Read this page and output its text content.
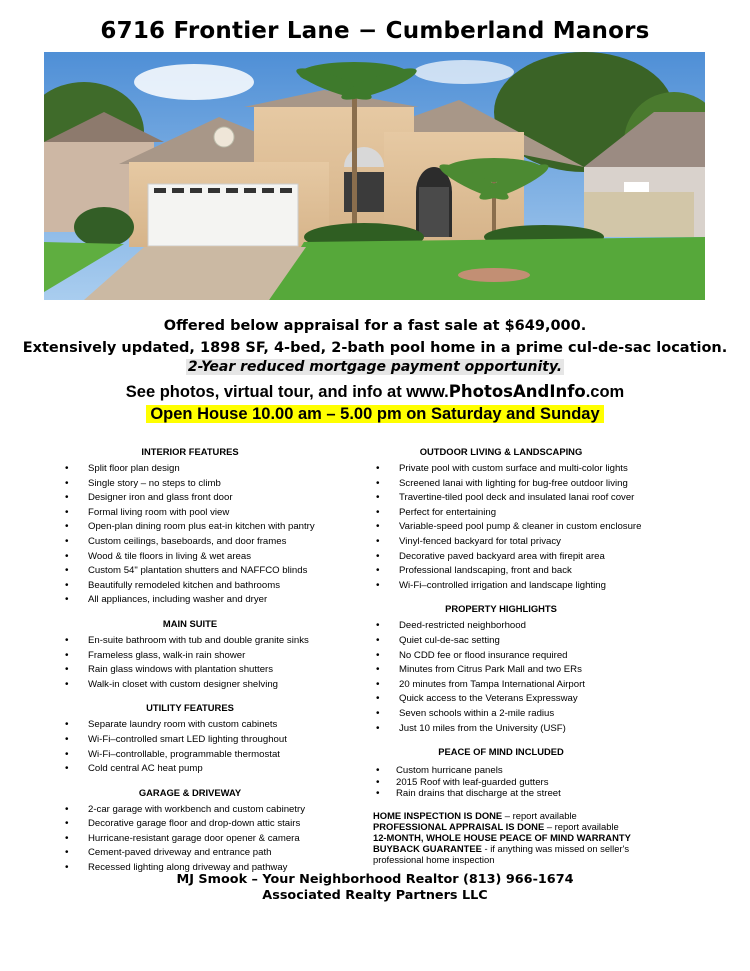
6716 Frontier Lane − Cumberland Manors
Offered below appraisal for a fast sale at $649,000.
Extensively updated, 1898 SF, 4-bed, 2-bath pool home in a prime cul-de-sac location.
2-Year reduced mortgage payment opportunity.
See photos, virtual tour, and info at www.PhotosAndInfo.com
Open House 10.00 am – 5.00 pm on Saturday and Sunday
INTERIOR FEATURES
• Split floor plan design
• Single story – no steps to climb
• Designer iron and glass front door
• Formal living room with pool view
• Open-plan dining room plus eat-in kitchen with pantry
• Custom ceilings, baseboards, and door frames
• Wood & tile floors in living & wet areas
• Custom 54" plantation shutters and NAFFCO blinds
• Beautifully remodeled kitchen and bathrooms
• All appliances, including washer and dryer
MAIN SUITE
• En-suite bathroom with tub and double granite sinks
• Frameless glass, walk-in rain shower
• Rain glass windows with plantation shutters
• Walk-in closet with custom designer shelving
UTILITY FEATURES
• Separate laundry room with custom cabinets
• Wi-Fi–controlled smart LED lighting throughout
• Wi-Fi–controllable, programmable thermostat
• Cold central AC heat pump
GARAGE & DRIVEWAY
• 2-car garage with workbench and custom cabinetry
• Decorative garage floor and drop-down attic stairs
• Hurricane-resistant garage door opener & camera
• Cement-paved driveway and entrance path
• Recessed lighting along driveway and pathway
OUTDOOR LIVING & LANDSCAPING
• Private pool with custom surface and multi-color lights
• Screened lanai with lighting for bug-free outdoor living
• Travertine-tiled pool deck and insulated lanai roof cover
• Perfect for entertaining
• Variable-speed pool pump & cleaner in custom enclosure
• Vinyl-fenced backyard for total privacy
• Decorative paved backyard area with firepit area
• Professional landscaping, front and back
• Wi-Fi–controlled irrigation and landscape lighting
PROPERTY HIGHLIGHTS
• Deed-restricted neighborhood
• Quiet cul-de-sac setting
• No CDD fee or flood insurance required
• Minutes from Citrus Park Mall and two ERs
• 20 minutes from Tampa International Airport
• Quick access to the Veterans Expressway
• Seven schools within a 2-mile radius
• Just 10 miles from the University (USF)
PEACE OF MIND INCLUDED
• Custom hurricane panels
• 2015 Roof with leaf-guarded gutters
• Rain drains that discharge at the street
HOME INSPECTION IS DONE – report available
PROFESSIONAL APPRAISAL IS DONE – report available
12-MONTH, WHOLE HOUSE PEACE OF MIND WARRANTY BUYBACK GUARANTEE - if anything was missed on seller's professional home inspection
MJ Smook – Your Neighborhood Realtor (813) 966-1674
Associated Realty Partners LLC
